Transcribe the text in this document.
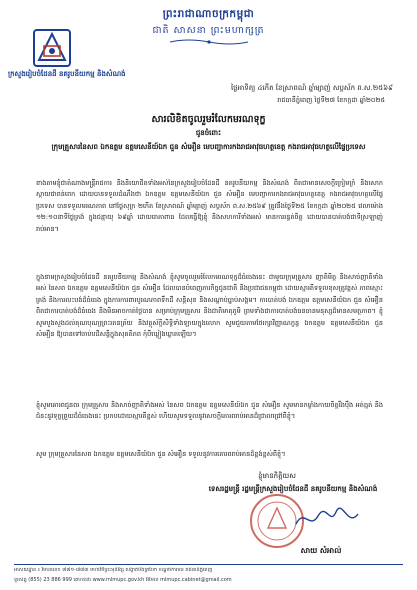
ព្រះរាជាណាចក្រកម្ពុជា
ជាតិ សាសនា ព្រះមហាក្សត្រ
ក្រសួងរៀបចំដែនដី នគរូបនីយកម្ម និងសំណង់
ថ្ងៃអាទិត្យ ៤កើត ខែស្រាពណ៍ ឆ្នាំម្សាញ់ សប្តស័ក ព.ស.២៥៦៩
រាជធានីភ្នំពេញ ថ្ងៃទី២៧ ខែកក្កដា ឆ្នាំ២០២៥
សារលិខិតចូលរួមរំលែកមរណទុក្ខ
ជូនចំពោះ
ក្រុមគ្រួសារនៃសព ឯកឧត្តម ឧត្តមសេនីយ៍ឯក ជួន សំអឿន មេបញ្ជាការកងរាជអាវុធហត្ថខេត្ត កងរាជអាវុធហត្ថលើផ្ទៃប្រទេស
ខាងតាមខ្ញុំជាតំណាងមន្ត្រីរាជការ និងនិយោជិតទាំងអស់នៃក្រសួងរៀបចំដែនដី នគរូបនីយកម្ម និងសំណង់ ពិតជាមានសេចក្ដីក្រៀមក្រំ និងសោកស្ដាយជាពន់ពេក ដោយបានទទួលដំណឹងថា ឯកឧត្តម ឧត្តមសេនីយ៍ឯក ជួន សំអឿន មេបញ្ជាការកងរាជអាវុធហត្ថខេត្ត កងរាជអាវុធហត្ថលើផ្ទៃប្រទេស បានទទួលមរណភាព នៅថ្ងៃសុក្រ ២កើត ខែស្រាពណ៍ ឆ្នាំម្សាញ់ សប្តស័ក ព.ស.២៥៦៩ ត្រូវនឹងថ្ងៃទី២៥ ខែកក្កដា ឆ្នាំ២០២៥ វេលាម៉ោង ១២:១០នាទីថ្ងៃត្រង់ ក្នុងជន្មាយុ ៦៩ឆ្នាំ ដោយរោគាពាធ ដែលធ្វើឱ្យខ្ញុំ និងសហការីទាំងអស់ មានការរន្ធត់ចិត្ត ដោយបានបាត់បង់ជាទីស្រឡាញ់រាប់អាន។
ក្នុងនាមក្រសួងរៀបចំដែនដី នគរូបនីយកម្ម និងសំណង់ ខ្ញុំសូមចូលរួមរំលែកមរណទុក្ខដ៏ធំធេងនេះ ជាមួយក្រុមគ្រួសារ ញាតិមិត្ត និងសាច់ញាតិទាំងអស់ នៃសព ឯកឧត្តម ឧត្តមសេនីយ៍ឯក ជួន សំអឿន ដែលបានបំពេញភារកិច្ចជូនជាតិ និងប្រជាជនកម្ពុជា ដោយស្មារតីទទួលខុសត្រូវខ្ពស់ ភាពស្មោះត្រង់ និងការលះបង់ដ៏ធំធេង ក្នុងការការពារបូរណភាពទឹកដី សន្តិសុខ និងសណ្ដាប់ធ្នាប់សង្គម។ ការបាត់បង់ ឯកឧត្តម ឧត្តមសេនីយ៍ឯក ជួន សំអឿន ពិតជាការបាត់បង់ដ៏ធំធេង និងមិនអាចកាត់ថ្លៃបាន សម្រាប់ក្រុមគ្រួសារ និងជាតិមាតុភូមិ ព្រមទាំងជាការបាត់បង់ធនធានមនុស្សដ៏មានសមត្ថភាព។ ខ្ញុំសូមបួងសួងដល់គុណបុណ្យព្រះរតនត្រ័យ និងវត្ថុស័ក្តិសិទ្ធិទាំងឡាយក្នុងលោក សូមជួយតាមថែរក្សាវិញ្ញាណក្ខន្ធ ឯកឧត្តម ឧត្តមសេនីយ៍ឯក ជួន សំអឿន ឱ្យបានទៅចាប់បដិសន្ធិក្នុងសុគតិភព កុំបីឃ្លៀងឃ្លាតឡើយ។
ខ្ញុំសូមគោរពជូនពរ ក្រុមគ្រួសារ និងសាច់ញាតិទាំងអស់ នៃសព ឯកឧត្តម ឧត្តមសេនីយ៍ឯក ជួន សំអឿន សូមមានកម្លាំងកាយចិត្តរឹងប៉ឹង អត់ធ្មត់ និងជំនះនូវទុក្ខព្រួយដ៏ធំធេងនេះ ប្រកបដោយស្មារតីខ្ពស់ ហើយសូមទទួលនូវសេចក្តីគោរពរាប់អានដ៏ជ្រាលជ្រៅពីខ្ញុំ។
សូម ក្រុមគ្រួសារនៃសព ឯកឧត្តម ឧត្តមសេនីយ៍ឯក ជួន សំអឿន ទទួលនូវការគោរពរាប់អានដ៏ខ្ពង់ខ្ពស់ពីខ្ញុំ។
ខ្ញុំមានកិត្តិយស
ទេសរដ្ឋមន្ត្រី រដ្ឋមន្ត្រីក្រសួងរៀបចំដែនដី នគរូបនីយកម្ម និងសំណង់
សាយ សំអាល់
អាសយដ្ឋាន ៖ វិមានលេខ ៧៧១-៧៧៣ មហាវិថីព្រះមុនីវង្ស សង្កាត់បឹងត្របែក ខណ្ឌចំការមន រាជធានីភ្នំពេញ
ទូរស័ព្ទ (855) 23 886 999 គេហទំព័រ www.mlmupc.gov.kh អ៊ីមែល mlmupc.cabinet@gmail.com
